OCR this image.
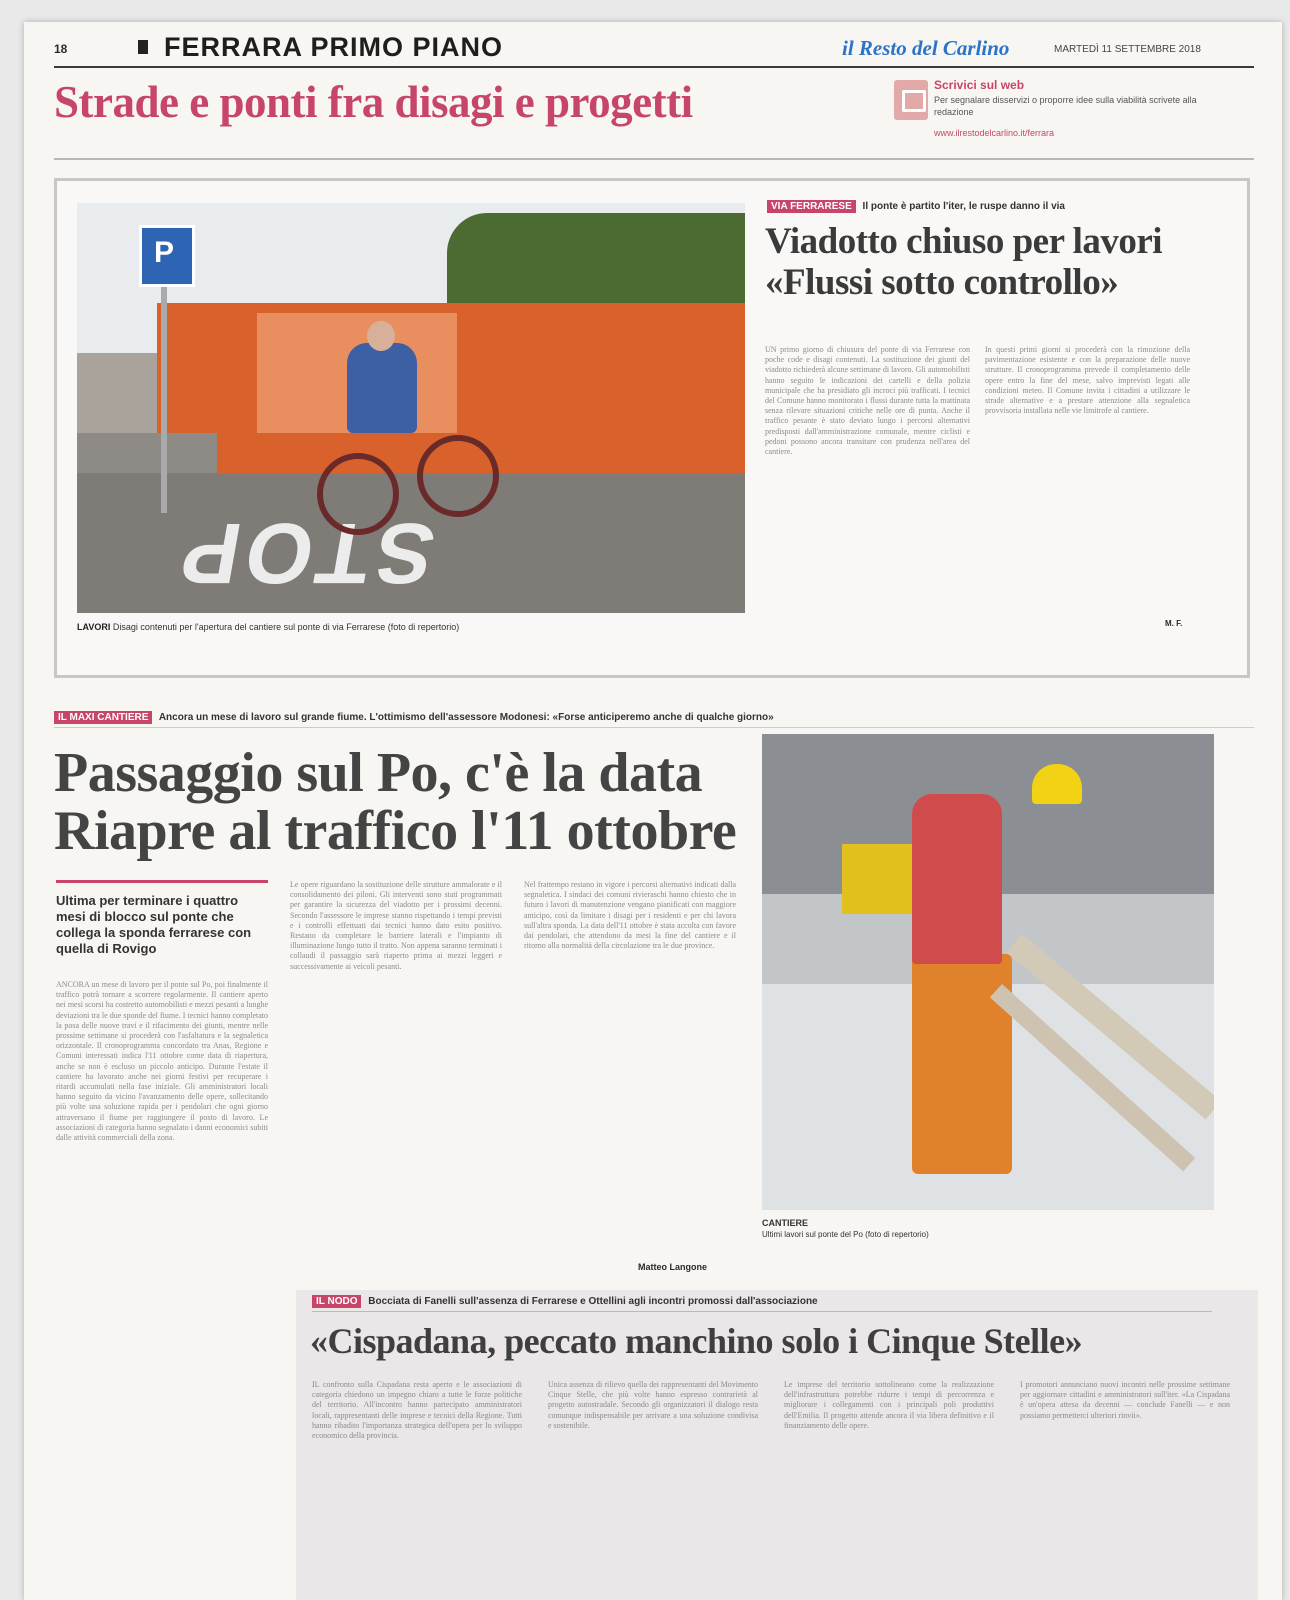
18	FERRARA PRIMO PIANO	il Resto del Carlino	MARTEDÌ 11 SETTEMBRE 2018
Strade e ponti fra disagi e progetti	Scrivici sul web
Per segnalare disservizi o proporre idee sulla viabilità scrivete alla redazione
www.ilrestodelcarlino.it/ferrara
P
STOP
LAVORI Disagi contenuti per l'apertura del cantiere sul ponte di via Ferrarese (foto di repertorio)
VIA FERRARESE Il ponte è partito l'iter, le ruspe danno il via
Viadotto chiuso per lavori «Flussi sotto controllo»
UN primo giorno di chiusura del ponte di via Ferrarese con poche code e disagi contenuti. La sostituzione dei giunti del viadotto richiederà alcune settimane di lavoro. Gli automobilisti hanno seguito le indicazioni dei cartelli e della polizia municipale che ha presidiato gli incroci più trafficati. I tecnici del Comune hanno monitorato i flussi durante tutta la mattinata senza rilevare situazioni critiche nelle ore di punta. Anche il traffico pesante è stato deviato lungo i percorsi alternativi predisposti dall'amministrazione comunale, mentre ciclisti e pedoni possono ancora transitare con prudenza nell'area del cantiere.
In questi primi giorni si procederà con la rimozione della pavimentazione esistente e con la preparazione delle nuove strutture. Il cronoprogramma prevede il completamento delle opere entro la fine del mese, salvo imprevisti legati alle condizioni meteo. Il Comune invita i cittadini a utilizzare le strade alternative e a prestare attenzione alla segnaletica provvisoria installata nelle vie limitrofe al cantiere.
M. F.
IL MAXI CANTIERE Ancora un mese di lavoro sul grande fiume. L'ottimismo dell'assessore Modonesi: «Forse anticiperemo anche di qualche giorno»
Passaggio sul Po, c'è la data Riapre al traffico l'11 ottobre
Ultima per terminare i quattro mesi di blocco sul ponte che collega la sponda ferrarese con quella di Rovigo
ANCORA un mese di lavoro per il ponte sul Po, poi finalmente il traffico potrà tornare a scorrere regolarmente. Il cantiere aperto nei mesi scorsi ha costretto automobilisti e mezzi pesanti a lunghe deviazioni tra le due sponde del fiume. I tecnici hanno completato la posa delle nuove travi e il rifacimento dei giunti, mentre nelle prossime settimane si procederà con l'asfaltatura e la segnaletica orizzontale. Il cronoprogramma concordato tra Anas, Regione e Comuni interessati indica l'11 ottobre come data di riapertura, anche se non è escluso un piccolo anticipo. Durante l'estate il cantiere ha lavorato anche nei giorni festivi per recuperare i ritardi accumulati nella fase iniziale. Gli amministratori locali hanno seguito da vicino l'avanzamento delle opere, sollecitando più volte una soluzione rapida per i pendolari che ogni giorno attraversano il fiume per raggiungere il posto di lavoro. Le associazioni di categoria hanno segnalato i danni economici subiti dalle attività commerciali della zona.
Le opere riguardano la sostituzione delle strutture ammalorate e il consolidamento dei piloni. Gli interventi sono stati programmati per garantire la sicurezza del viadotto per i prossimi decenni. Secondo l'assessore le imprese stanno rispettando i tempi previsti e i controlli effettuati dai tecnici hanno dato esito positivo. Restano da completare le barriere laterali e l'impianto di illuminazione lungo tutto il tratto. Non appena saranno terminati i collaudi il passaggio sarà riaperto prima ai mezzi leggeri e successivamente ai veicoli pesanti.
Nel frattempo restano in vigore i percorsi alternativi indicati dalla segnaletica. I sindaci dei comuni rivieraschi hanno chiesto che in futuro i lavori di manutenzione vengano pianificati con maggiore anticipo, così da limitare i disagi per i residenti e per chi lavora sull'altra sponda. La data dell'11 ottobre è stata accolta con favore dai pendolari, che attendono da mesi la fine del cantiere e il ritorno alla normalità della circolazione tra le due province.
Matteo Langone
CANTIERE
Ultimi lavori sul ponte del Po (foto di repertorio)
IL NODO Bocciata di Fanelli sull'assenza di Ferrarese e Ottellini agli incontri promossi dall'associazione
«Cispadana, peccato manchino solo i Cinque Stelle»
IL confronto sulla Cispadana resta aperto e le associazioni di categoria chiedono un impegno chiaro a tutte le forze politiche del territorio. All'incontro hanno partecipato amministratori locali, rappresentanti delle imprese e tecnici della Regione. Tutti hanno ribadito l'importanza strategica dell'opera per lo sviluppo economico della provincia.
Unica assenza di rilievo quella dei rappresentanti del Movimento Cinque Stelle, che più volte hanno espresso contrarietà al progetto autostradale. Secondo gli organizzatori il dialogo resta comunque indispensabile per arrivare a una soluzione condivisa e sostenibile.
Le imprese del territorio sottolineano come la realizzazione dell'infrastruttura potrebbe ridurre i tempi di percorrenza e migliorare i collegamenti con i principali poli produttivi dell'Emilia. Il progetto attende ancora il via libera definitivo e il finanziamento delle opere.
I promotori annunciano nuovi incontri nelle prossime settimane per aggiornare cittadini e amministratori sull'iter. «La Cispadana è un'opera attesa da decenni — conclude Fanelli — e non possiamo permetterci ulteriori rinvii».
